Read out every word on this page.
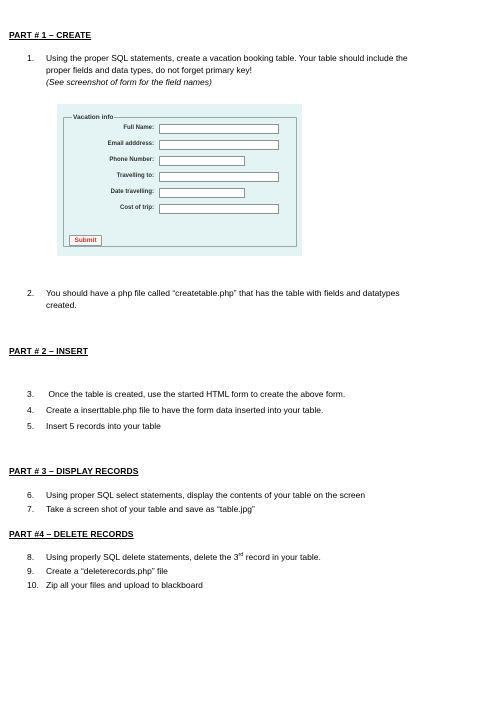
PART # 1 – CREATE
1. Using the proper SQL statements, create a vacation booking table. Your table should include the
proper fields and data types, do not forget primary key!
(See screenshot of form for the field names)
Vacation info
Full Name:
Email adddress:
Phone Number:
Travelling to:
Date travelling:
Cost of trip:
Submit
2. You should have a php file called “createtable.php” that has the table with fields and datatypes
created.
PART # 2 – INSERT
3. Once the table is created, use the started HTML form to create the above form.
4. Create a inserttable.php file to have the form data inserted into your table.
5. Insert 5 records into your table
PART # 3 – DISPLAY RECORDS
6. Using proper SQL select statements, display the contents of your table on the screen
7. Take a screen shot of your table and save as “table.jpg”
PART #4 – DELETE RECORDS
8. Using properly SQL delete statements, delete the 3rd record in your table.
9. Create a “deleterecords.php” file
10. Zip all your files and upload to blackboard
